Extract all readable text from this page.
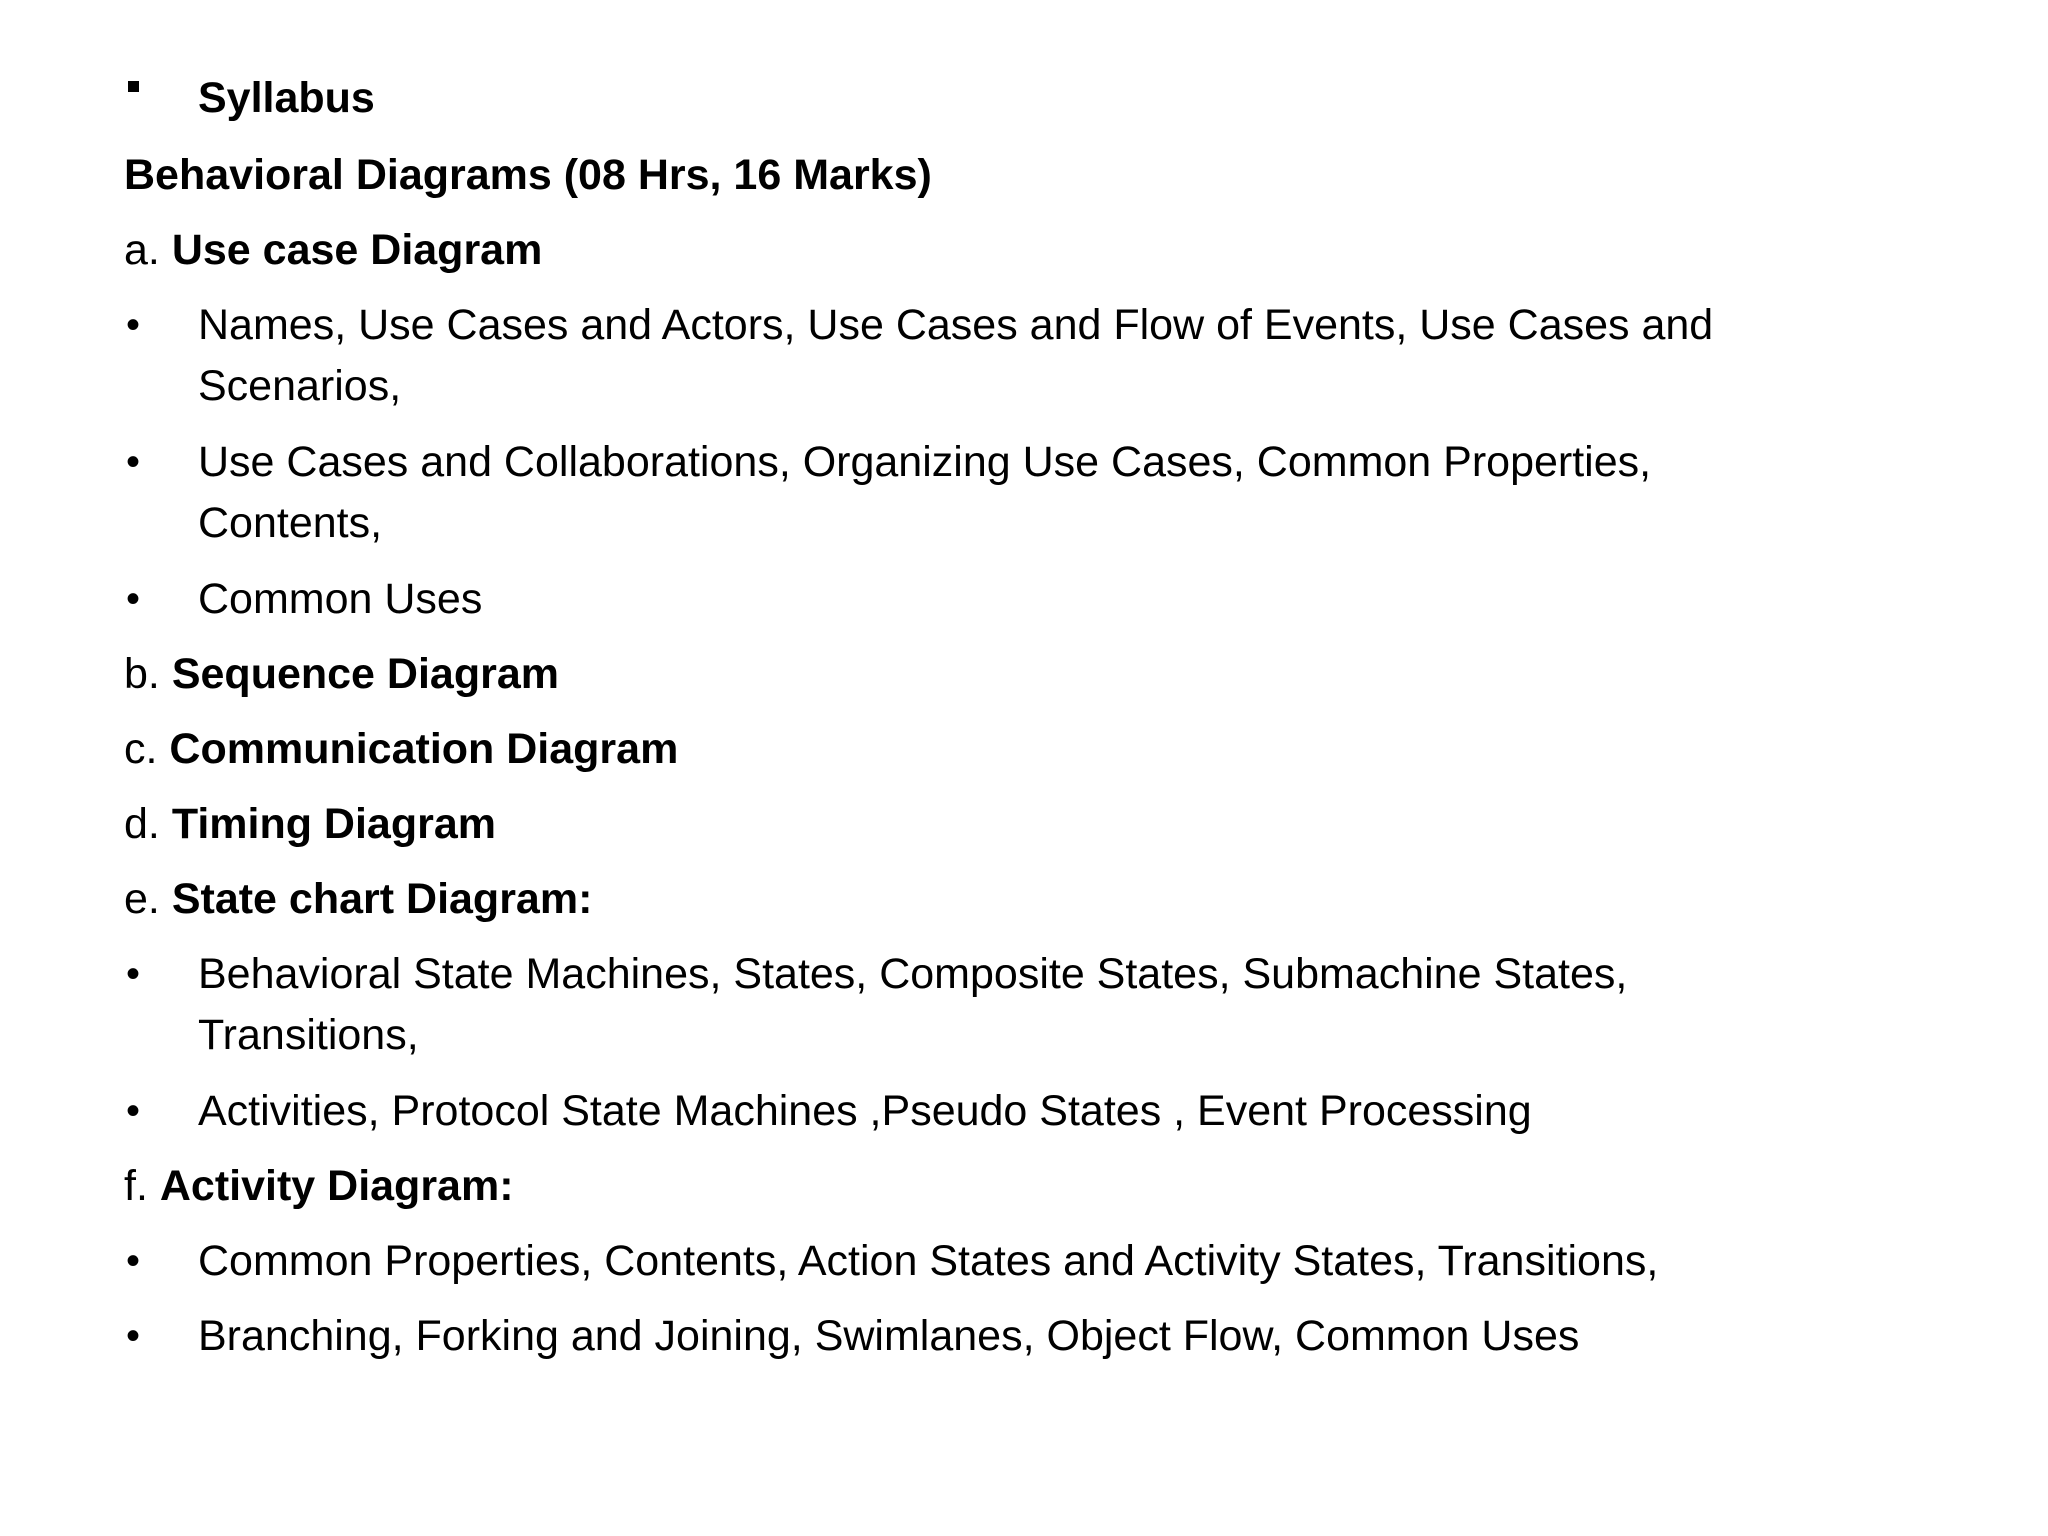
Syllabus
Behavioral Diagrams (08 Hrs, 16 Marks)
a. Use case Diagram
• Names, Use Cases and Actors, Use Cases and Flow of Events, Use Cases and
Scenarios,
• Use Cases and Collaborations, Organizing Use Cases, Common Properties,
Contents,
• Common Uses
b. Sequence Diagram
c. Communication Diagram
d. Timing Diagram
e. State chart Diagram:
• Behavioral State Machines, States, Composite States, Submachine States,
Transitions,
• Activities, Protocol State Machines ,Pseudo States , Event Processing
f. Activity Diagram:
• Common Properties, Contents, Action States and Activity States, Transitions,
• Branching, Forking and Joining, Swimlanes, Object Flow, Common Uses
